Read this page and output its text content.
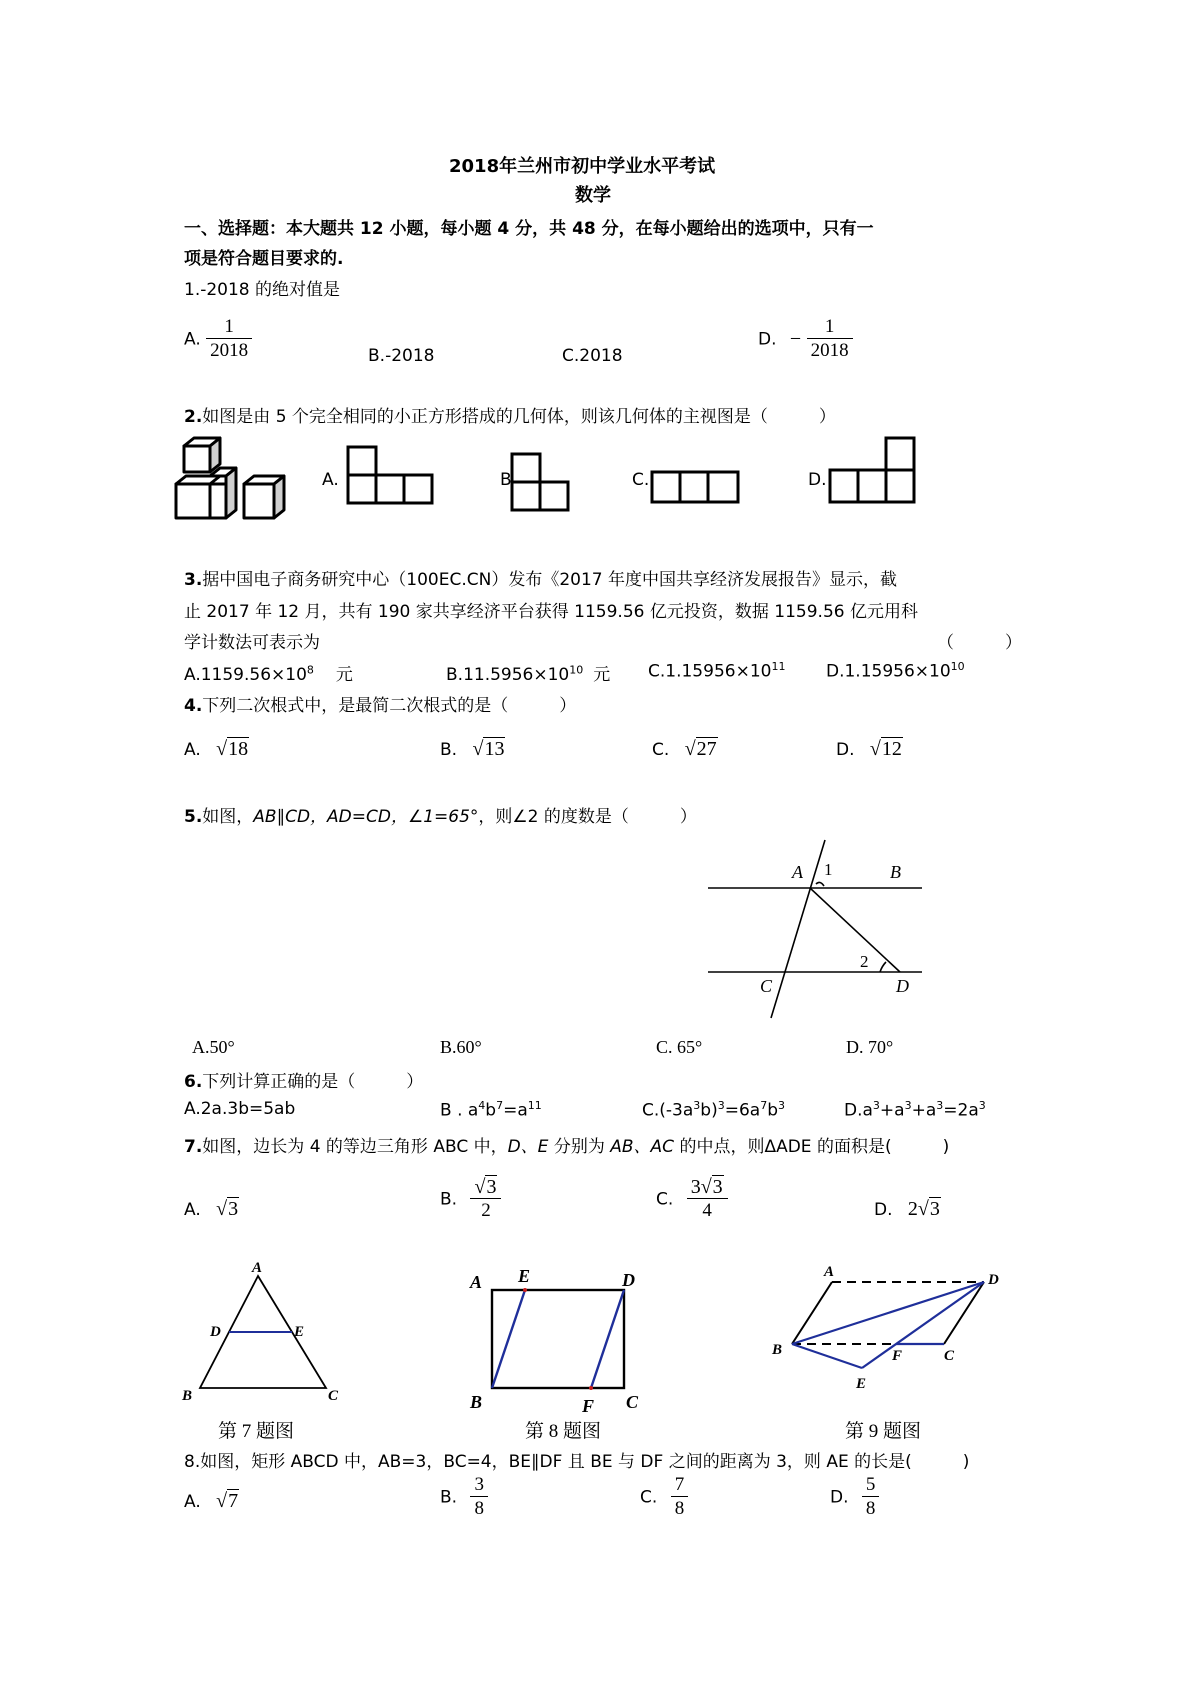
2018年兰州市初中学业水平考试
数学
一、选择题：本大题共 12 小题，每小题 4 分，共 48 分，在每小题给出的选项中，只有一
项是符合题目要求的.
1.-2018 的绝对值是
A. $\frac{1}{2018}$	B.-2018	C.2018
D. − $\frac{1}{2018}$
2.如图是由 5 个完全相同的小正方形搭成的几何体，则该几何体的主视图是（　　　）
A.	B	C.	D.
3.据中国电子商务研究中心（100EC.CN）发布《2017 年度中国共享经济发展报告》显示，截
止 2017 年 12 月，共有 190 家共享经济平台获得 1159.56 亿元投资，数据 1159.56 亿元用科
学计数法可表示为	（　　　）
$A.1159.56\times 10^8$ 元	$B.11.5956\times 10^{10}$ 元 $C.1.15956\times 10^{11}$ $D.1.15956\times 10^{10}$
4.下列二次根式中，是最简二次根式的是（　　　）
A. √18	B. √13	C. √27	D. √12
5.如图，AB∥CD，AD=CD，∠1=65°，则∠2 的度数是（　　　）
A	B
C	D
1
2
A.50°	B.60°	C. 65°	D. 70°
6.下列计算正确的是（　　　）
A.2a.3b=5ab	B . $a^4b^7=a^{11}$	$C.(-3a^3b)^3=6a^7b^3$	$D.a^3+a^3+a^3=2a^3$
7.如图，边长为 4 的等边三角形 ABC 中，D、E 分别为 AB、AC 的中点，则ΔADE 的面积是(　　　)
A. √3	B. $\frac{√3}{2}$	C. $\frac{3√3}{4}$	D. 2√3
A
B	C
D	E
A E	D
B	F C
A	D
B	F	C
E
第 7 题图	第 8 题图	第 9 题图
8.如图，矩形 ABCD 中，AB=3，BC=4，BE∥DF 且 BE 与 DF 之间的距离为 3，则 AE 的长是(　　　)
A. √7	B. $\frac{3}{8}$	C. $\frac{7}{8}$	D. $\frac{5}{8}$
